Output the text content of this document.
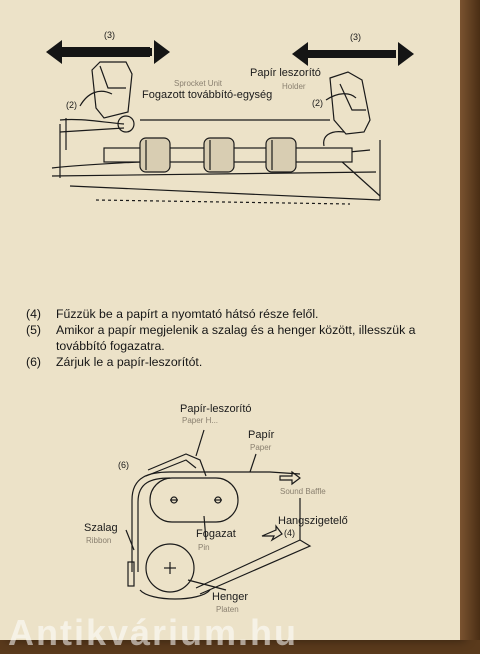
(3)	(3)
(2)	(2)
Sprocket Unit
Fogazott továbbító-egység
Papír leszorító
Holder
(4)	Fűzzük be a papírt a nyomtató hátsó része felől.
(5)	Amikor a papír megjelenik a szalag és a henger között, illesszük a továbbító fogazatra.
(6)	Zárjuk le a papír-leszorítót.
Papír-leszorító
Paper H...
Papír
Paper
(6)
Sound Baffle
Hangszigetelő
(4)
Szalag
Ribbon
Fogazat
Pin
Henger
Platen
Antikvárium.hu
